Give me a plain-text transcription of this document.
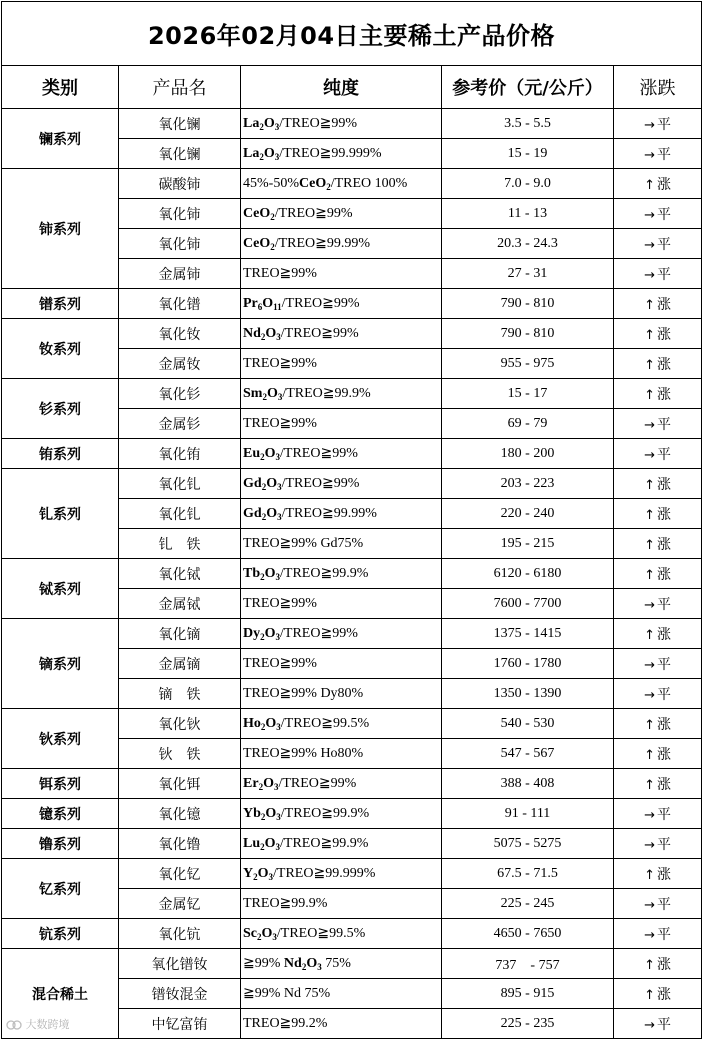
2026年02月04日主要稀土产品价格				
类别	产品名	纯度	参考价（元/公斤）	涨跌
镧系列	氧化镧	$La_2O_3/TREO≧99\%$	3.5 - 5.5	→ 平
	氧化镧	$La_2O_3/TREO≧99.999\%$	15 - 19	→ 平
铈系列	碳酸铈	45%-50%CeO$_2$/TREO 100%	7.0 - 9.0	↑ 涨
	氧化铈	CeO$_2$/TREO≧99%	11 - 13	→ 平
	氧化铈	CeO$_2$/TREO≧99.99%	20.3 - 24.3	→ 平
	金属铈	TREO≧99%	27 - 31	→ 平
镨系列	氧化镨	$Pr_6O_{11}/TREO≧99\%$	790 - 810	↑ 涨
钕系列	氧化钕	$Nd_2O_3/TREO≧99\%$	790 - 810	↑ 涨
	金属钕	TREO≧99%	955 - 975	↑ 涨
钐系列	氧化钐	$Sm_2O_3/TREO≧99.9\%$	15 - 17	↑ 涨
	金属钐	TREO≧99%	69 - 79	→ 平
铕系列	氧化铕	$Eu_2O_3/TREO≧99\%$	180 - 200	→ 平
钆系列	氧化钆	$Gd_2O_3/TREO≧99\%$	203 - 223	↑ 涨
	氧化钆	$Gd_2O_3/TREO≧99.99\%$	220 - 240	↑ 涨
	钆　铁	TREO≧99% Gd75%	195 - 215	↑ 涨
铽系列	氧化铽	$Tb_2O_3/TREO≧99.9\%$	6120 - 6180	↑ 涨
	金属铽	TREO≧99%	7600 - 7700	→ 平
镝系列	氧化镝	$Dy_2O_3/TREO≧99\%$	1375 - 1415	↑ 涨
	金属镝	TREO≧99%	1760 - 1780	→ 平
	镝　铁	TREO≧99% Dy80%	1350 - 1390	→ 平
钬系列	氧化钬	$Ho_2O_3/TREO≧99.5\%$	540 - 530	↑ 涨
	钬　铁	TREO≧99% Ho80%	547 - 567	↑ 涨
铒系列	氧化铒	$Er_2O_3/TREO≧99\%$	388 - 408	↑ 涨
镱系列	氧化镱	$Yb_2O_3/TREO≧99.9\%$	91 - 111	→ 平
镥系列	氧化镥	$Lu_2O_3/TREO≧99.9\%$	5075 - 5275	→ 平
钇系列	氧化钇	$Y_2O_3/TREO≧99.999\%$	67.5 - 71.5	↑ 涨
	金属钇	TREO≧99.9%	225 - 245	→ 平
钪系列	氧化钪	$Sc_2O_3/TREO≧99.5\%$	4650 - 7650	→ 平
混合稀土	氧化镨钕	≧99% $Nd_2O_3$ 75%	737　- 757	↑ 涨
	镨钕混金	≧99% Nd 75%	895 - 915	↑ 涨
	中钇富铕	TREO≧99.2%	225 - 235	→ 平
大数跨境
